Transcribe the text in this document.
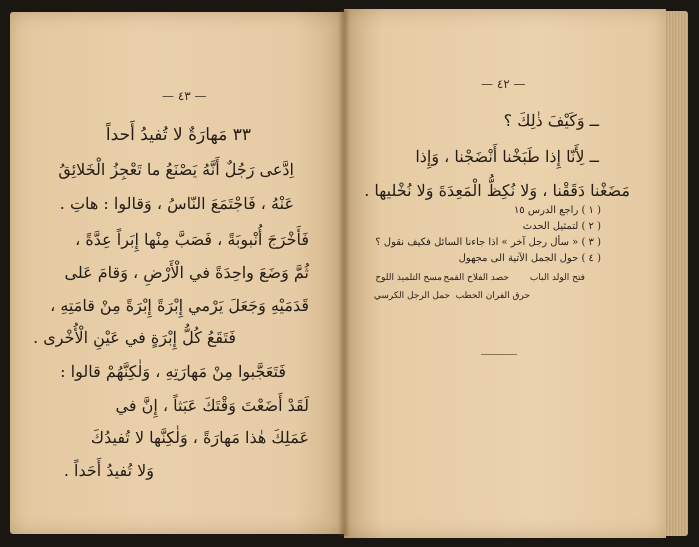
— ٤٣ —
٣٣ مَهارَةٌ لا تُفيدُ أَحداً
اِدَّعى رَجُلٌ أَنَّهُ يَصْنَعُ ما تَعْجِزُ الْخَلائِقُ
عَنْهُ ، فَاجْتَمَعَ النّاسُ ، وَقالوا : هاتِ .
فَأَخْرَجَ أُنْبوبَةً ، فَصَبَّ مِنْها إِبَراً عِدَّةً ،
ثُمَّ وَضَعَ واحِدَةً في الْأَرْضِ ، وَقامَ عَلى
قَدَمَيْهِ وَجَعَلَ يَرْمي إِبْرَةً إِبْرَةً مِنْ قامَتِهِ ،
فَتَقَعُ كُلُّ إِبْرَةٍ في عَيْنِ الْأُخْرى .
فَتَعَجَّبوا مِنْ مَهارَتِهِ ، وَلٰكِنَّهُمْ قالوا :
لَقَدْ أَضَعْتَ وَقْتَكَ عَبَثاً ، إِنَّ في
عَمَلِكَ هٰذا مَهارَةً ، وَلٰكِنَّها لا تُفيدُكَ
وَلا تُفيدُ أَحَداً .
— ٤٢ —
ــ وَكَيْفَ ذٰلِكَ ؟
ــ لِأَنّا إِذا طَبَخْنا أَنْضَجْنا ، وَإِذا
مَضَغْنا دَقَقْنا ، وَلا نُكِظُّ الْمَعِدَةَ وَلا نُخْليها .
( ١ ) راجع الدرس ١٥
( ٢ ) لتمثيل الحدث
( ٣ ) « سأل رجل آخر » اذا جاءنا السائل فكيف نقول ؟
( ٤ ) حول الجمل الآتية الى مجهول
فتح الولد الباب
حصد الفلاح القمح
مسح التلميذ اللوح
حرق الفران الحطب
حمل الرجل الكرسي
